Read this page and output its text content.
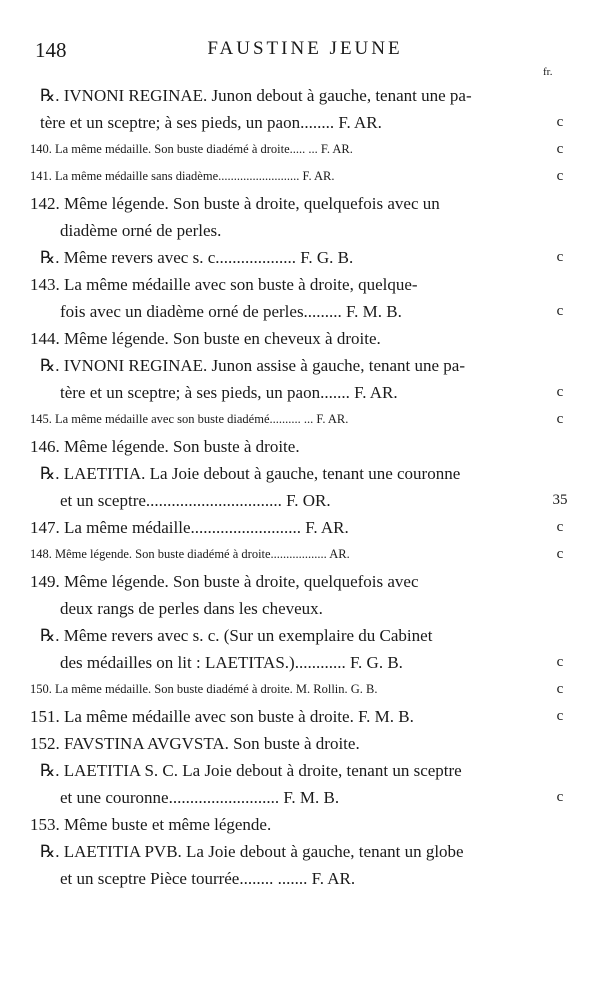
148	FAUSTINE JEUNE
fr.
℞. IVNONI REGINAE. Junon debout à gauche, tenant une pa-
tère et un sceptre; à ses pieds, un paon........ F. AR.	c
140. La même médaille. Son buste diadémé à droite..... ... F. AR.	c
141. La même médaille sans diadème.......................... F. AR.	c
142. Même légende. Son buste à droite, quelquefois avec un
diadème orné de perles.
℞. Même revers avec s. c................... F. G. B.	c
143. La même médaille avec son buste à droite, quelque-
fois avec un diadème orné de perles......... F. M. B.	c
144. Même légende. Son buste en cheveux à droite.
℞. IVNONI REGINAE. Junon assise à gauche, tenant une pa-
tère et un sceptre; à ses pieds, un paon....... F. AR.	c
145. La même médaille avec son buste diadémé.......... ... F. AR.	c
146. Même légende. Son buste à droite.
℞. LAETITIA. La Joie debout à gauche, tenant une couronne
et un sceptre................................ F. OR.	35
147. La même médaille.......................... F. AR.	c
148. Même légende. Son buste diadémé à droite.................. AR.	c
149. Même légende. Son buste à droite, quelquefois avec
deux rangs de perles dans les cheveux.
℞. Même revers avec s. c. (Sur un exemplaire du Cabinet
des médailles on lit : LAETITAS.)............ F. G. B.	c
150. La même médaille. Son buste diadémé à droite. M. Rollin. G. B.	c
151. La même médaille avec son buste à droite. F. M. B.	c
152. FAVSTINA AVGVSTA. Son buste à droite.
℞. LAETITIA S. C. La Joie debout à droite, tenant un sceptre
et une couronne.......................... F. M. B.	c
153. Même buste et même légende.
℞. LAETITIA PVB. La Joie debout à gauche, tenant un globe
et un sceptre Pièce tourrée........ ....... F. AR.
